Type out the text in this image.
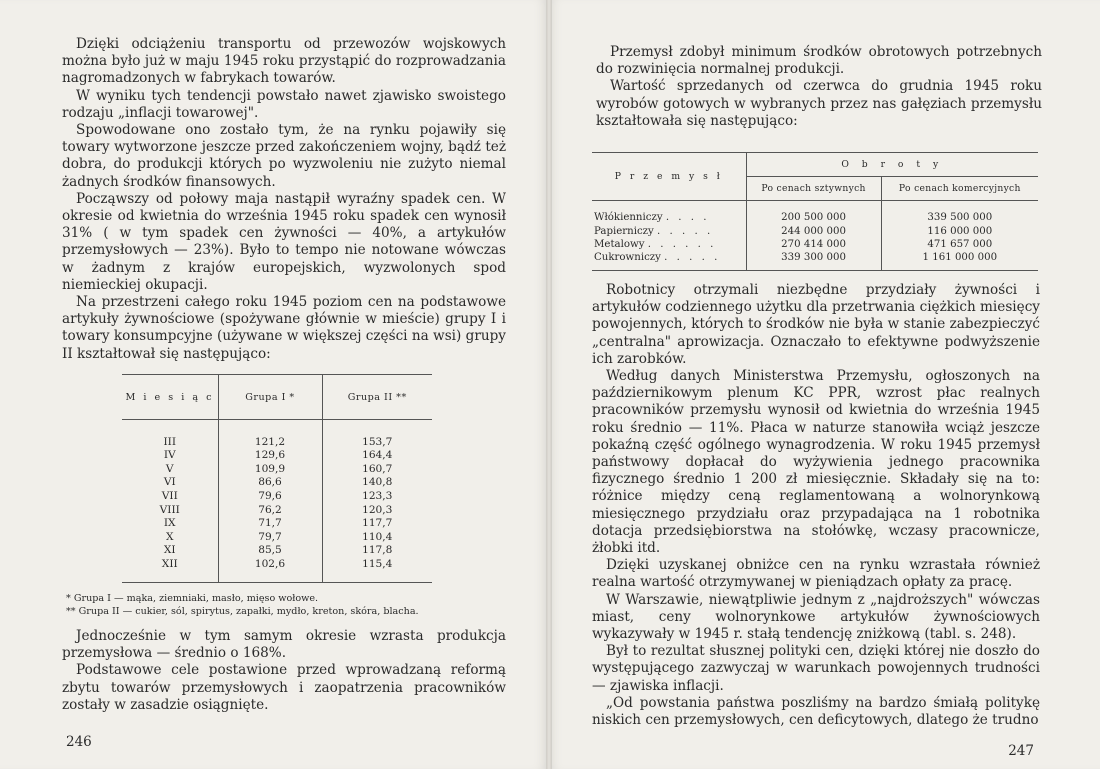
Dzięki odciążeniu transportu od przewozów wojskowych można było już w maju 1945 roku przystąpić do rozprowadzania nagromadzonych w fabrykach towarów.

W wyniku tych tendencji powstało nawet zjawisko swoistego rodzaju „inflacji towarowej".

Spowodowane ono zostało tym, że na rynku pojawiły się towary wytworzone jeszcze przed zakończeniem wojny, bądź też dobra, do produkcji których po wyzwoleniu nie zużyto niemal żadnych środków finansowych.

Począwszy od połowy maja nastąpił wyraźny spadek cen. W okresie od kwietnia do września 1945 roku spadek cen wynosił 31% ( w tym spadek cen żywności — 40%, a artykułów przemysłowych — 23%). Było to tempo nie notowane wówczas w żadnym z krajów europejskich, wyzwolonych spod niemieckiej okupacji.

Na przestrzeni całego roku 1945 poziom cen na podstawowe artykuły żywnościowe (spożywane głównie w mieście) grupy I i towary konsumpcyjne (używane w większej części na wsi) grupy II kształtował się następująco:

M i e s i ą c	Grupa I *	Grupa II **
III	121,2	153,7
IV	129,6	164,4
V	109,9	160,7
VI	86,6	140,8
VII	79,6	123,3
VIII	76,2	120,3
IX	71,7	117,7
X	79,7	110,4
XI	85,5	117,8
XII	102,6	115,4
* Grupa I — mąka, ziemniaki, masło, mięso wołowe.
** Grupa II — cukier, sól, spirytus, zapałki, mydło, kreton, skóra, blacha.

Jednocześnie w tym samym okresie wzrasta produkcja przemysłowa — średnio o 168%.

Podstawowe cele postawione przed wprowadzaną reformą zbytu towarów przemysłowych i zaopatrzenia pracowników zostały w zasadzie osiągnięte.

246

Przemysł zdobył minimum środków obrotowych potrzebnych do rozwinięcia normalnej produkcji.

Wartość sprzedanych od czerwca do grudnia 1945 roku wyrobów gotowych w wybranych przez nas gałęziach przemysłu kształtowała się następująco:

P r z e m y s ł	O b r o t y	
	Po cenach sztywnych	Po cenach komercyjnych
Włókienniczy . . . .	200 500 000	339 500 000
Papierniczy . . . . .	244 000 000	116 000 000
Metalowy . . . . . .	270 414 000	471 657 000
Cukrowniczy . . . . .	339 300 000	1 161 000 000

Robotnicy otrzymali niezbędne przydziały żywności i artykułów codziennego użytku dla przetrwania ciężkich miesięcy powojennych, których to środków nie była w stanie zabezpieczyć „centralna" aprowizacja. Oznaczało to efektywne podwyższenie ich zarobków.

Według danych Ministerstwa Przemysłu, ogłoszonych na październikowym plenum KC PPR, wzrost płac realnych pracowników przemysłu wynosił od kwietnia do września 1945 roku średnio — 11%. Płaca w naturze stanowiła wciąż jeszcze pokaźną część ogólnego wynagrodzenia. W roku 1945 przemysł państwowy dopłacał do wyżywienia jednego pracownika fizycznego średnio 1 200 zł miesięcznie. Składały się na to: różnice między ceną reglamentowaną a wolnorynkową miesięcznego przydziału oraz przypadająca na 1 robotnika dotacja przedsiębiorstwa na stołówkę, wczasy pracownicze, żłobki itd.

Dzięki uzyskanej obniżce cen na rynku wzrastała również realna wartość otrzymywanej w pieniądzach opłaty za pracę.

W Warszawie, niewątpliwie jednym z „najdroższych" wówczas miast, ceny wolnorynkowe artykułów żywnościowych wykazywały w 1945 r. stałą tendencję zniżkową (tabl. s. 248).

Był to rezultat słusznej polityki cen, dzięki której nie doszło do występującego zazwyczaj w warunkach powojennych trudności — zjawiska inflacji.

„Od powstania państwa poszliśmy na bardzo śmiałą politykę niskich cen przemysłowych, cen deficytowych, dlatego że trudno

247
